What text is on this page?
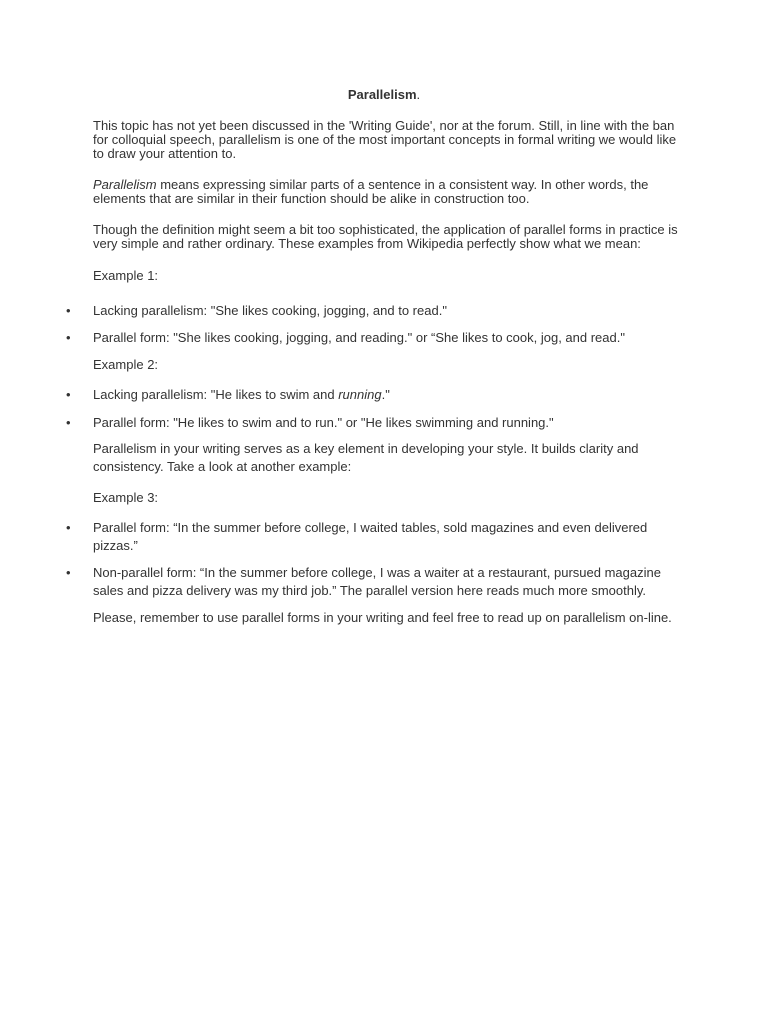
Parallelism.

This topic has not yet been discussed in the 'Writing Guide', nor at the forum. Still, in line with the ban for colloquial speech, parallelism is one of the most important concepts in formal writing we would like to draw your attention to.

Parallelism means expressing similar parts of a sentence in a consistent way. In other words, the elements that are similar in their function should be alike in construction too.

Though the definition might seem a bit too sophisticated, the application of parallel forms in practice is very simple and rather ordinary. These examples from Wikipedia perfectly show what we mean:

Example 1:

• Lacking parallelism: "She likes cooking, jogging, and to read."
• Parallel form: "She likes cooking, jogging, and reading." or “She likes to cook, jog, and read."

Example 2:

• Lacking parallelism: "He likes to swim and running."
• Parallel form: "He likes to swim and to run." or "He likes swimming and running."

Parallelism in your writing serves as a key element in developing your style. It builds clarity and consistency. Take a look at another example:

Example 3:

• Parallel form: “In the summer before college, I waited tables, sold magazines and even delivered pizzas.”
• Non-parallel form: “In the summer before college, I was a waiter at a restaurant, pursued magazine sales and pizza delivery was my third job.” The parallel version here reads much more smoothly.

Please, remember to use parallel forms in your writing and feel free to read up on parallelism on-line.
